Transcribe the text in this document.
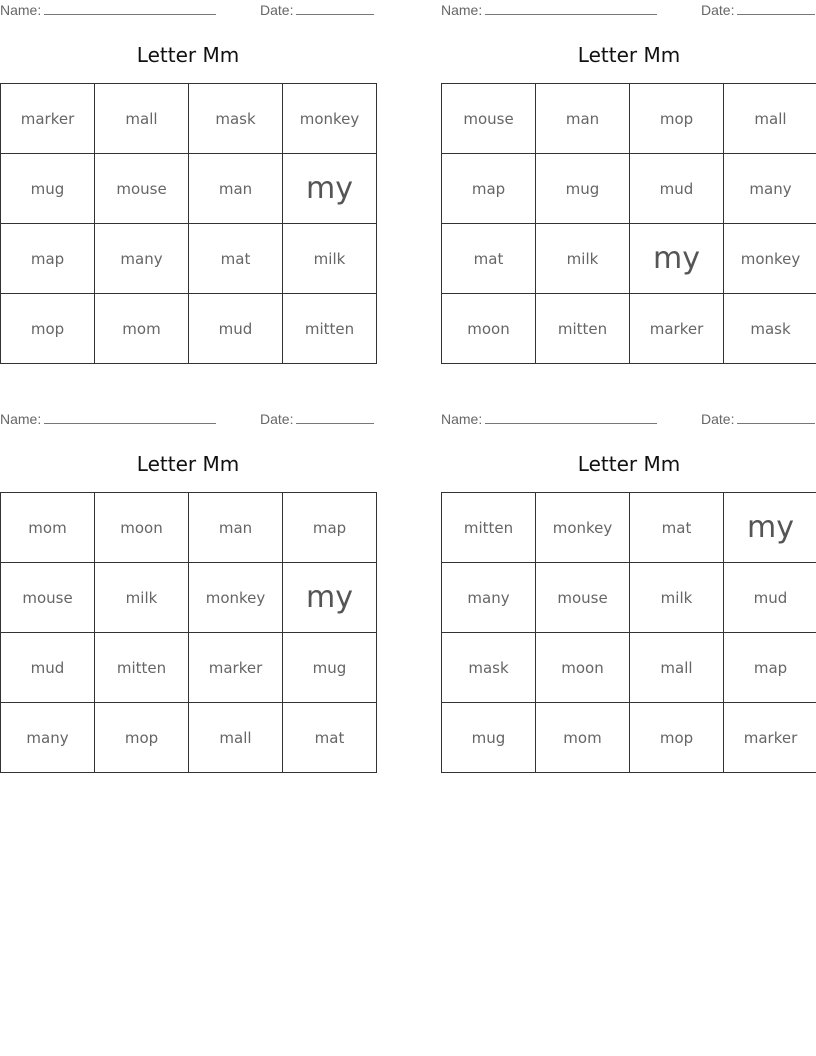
Name:	Date:
Letter Mm
marker	mall	mask	monkey
mug	mouse	man	my
map	many	mat	milk
mop	mom	mud	mitten
Name:	Date:
Letter Mm
mouse	man	mop	mall
map	mug	mud	many
mat	milk	my	monkey
moon	mitten	marker	mask
Name:	Date:
Letter Mm
mom	moon	man	map
mouse	milk	monkey	my
mud	mitten	marker	mug
many	mop	mall	mat
Name:	Date:
Letter Mm
mitten	monkey	mat	my
many	mouse	milk	mud
mask	moon	mall	map
mug	mom	mop	marker
